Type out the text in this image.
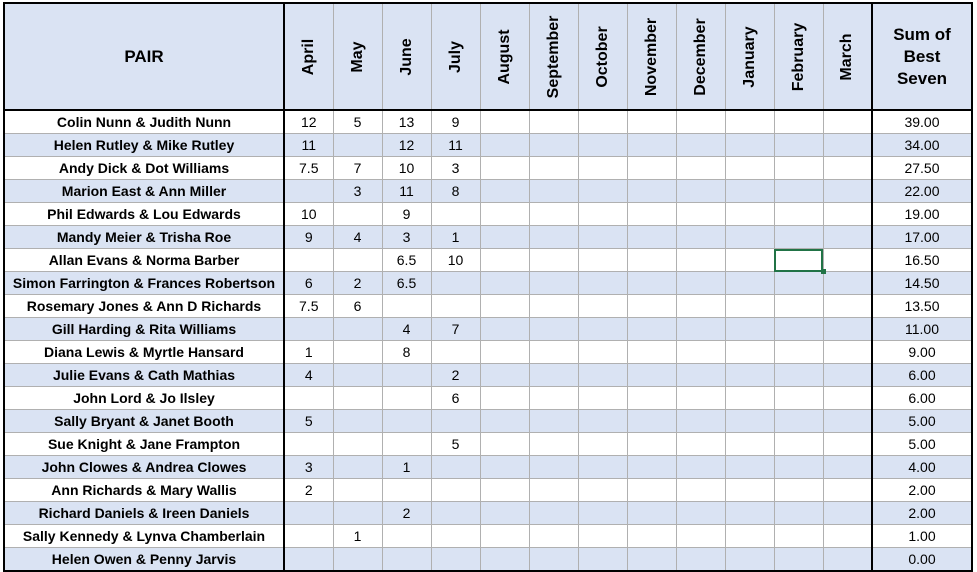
PAIR	April	May	June	July	August	September	October	November	December	January	February	March	Sum of
Best
Seven

Colin Nunn & Judith Nunn	12	5	13	9									39.00
Helen Rutley & Mike Rutley	11		12	11									34.00
Andy Dick & Dot Williams	7.5	7	10	3									27.50
Marion East & Ann Miller		3	11	8									22.00
Phil Edwards & Lou Edwards	10		9										19.00
Mandy Meier & Trisha Roe	9	4	3	1									17.00
Allan Evans & Norma Barber			6.5	10									16.50
Simon Farrington & Frances Robertson	6	2	6.5										14.50
Rosemary Jones & Ann D Richards	7.5	6											13.50
Gill Harding & Rita Williams			4	7									11.00
Diana Lewis & Myrtle Hansard	1		8										9.00
Julie Evans & Cath Mathias	4			2									6.00
John Lord & Jo Ilsley				6									6.00
Sally Bryant & Janet Booth	5												5.00
Sue Knight & Jane Frampton				5									5.00
John Clowes & Andrea Clowes	3		1										4.00
Ann Richards & Mary Wallis	2												2.00
Richard Daniels & Ireen Daniels			2										2.00
Sally Kennedy & Lynva Chamberlain		1											1.00
Helen Owen & Penny Jarvis													0.00
